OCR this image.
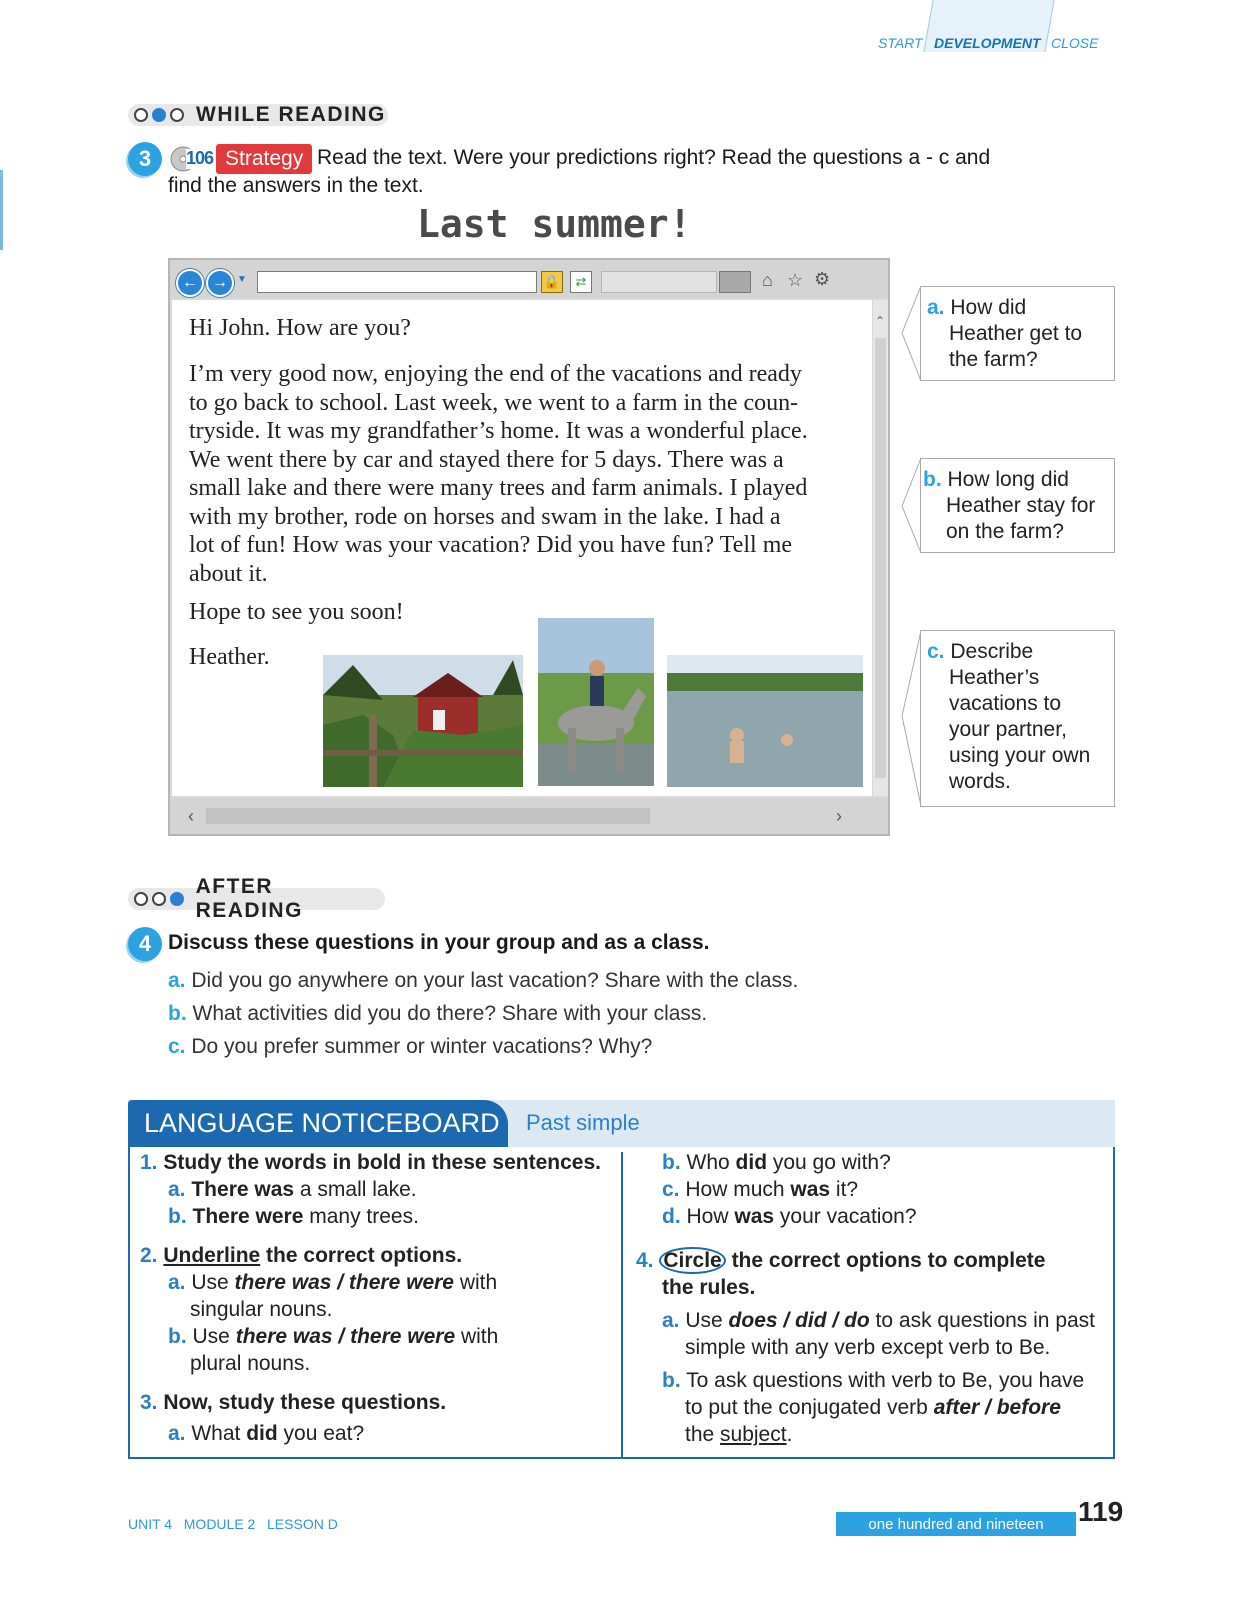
START DEVELOPMENT CLOSE
WHILE READING
3	106 Strategy Read the text. Were your predictions right? Read the questions a - c and
find the answers in the text.
Last summer!
← → ▼	🔒	⇄	⌂ ☆ ⚙
Hi John. How are you?
I’m very good now, enjoying the end of the vacations and ready
to go back to school. Last week, we went to a farm in the coun-
tryside. It was my grandfather’s home. It was a wonderful place.
We went there by car and stayed there for 5 days. There was a
small lake and there were many trees and farm animals. I played
with my brother, rode on horses and swam in the lake. I had a
lot of fun! How was your vacation? Did you have fun? Tell me
about it.
Hope to see you soon!
Heather.
⌃
‹	›
a. How did
Heather get to
the farm?
b. How long did
Heather stay for
on the farm?
c. Describe
Heather’s
vacations to
your partner,
using your own
words.
AFTER READING
4 Discuss these questions in your group and as a class.
a. Did you go anywhere on your last vacation? Share with the class.
b. What activities did you do there? Share with your class.
c. Do you prefer summer or winter vacations? Why?
LANGUAGE NOTICEBOARD	Past simple
1. Study the words in bold in these sentences.
a. There was a small lake.
b. There were many trees.
2. Underline the correct options.
a. Use there was / there were with
singular nouns.
b. Use there was / there were with
plural nouns.
3. Now, study these questions.
a. What did you eat?
b. Who did you go with?
c. How much was it?
d. How was your vacation?
4. Circle the correct options to complete
the rules.
a. Use does / did / do to ask questions in past
simple with any verb except verb to Be.
b. To ask questions with verb to Be, you have
to put the conjugated verb after / before
the subject.
UNIT 4 MODULE 2 LESSON D	one hundred and nineteen	119
